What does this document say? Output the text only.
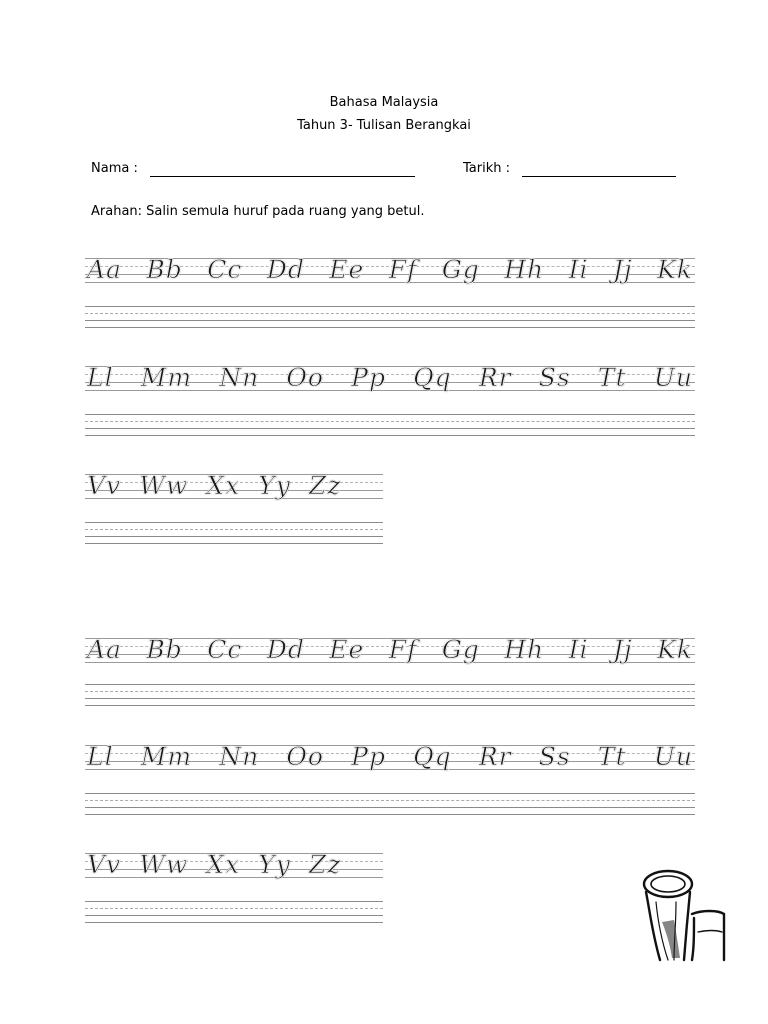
Bahasa Malaysia
Tahun 3- Tulisan Berangkai
Nama :	Tarikh :
Arahan: Salin semula huruf pada ruang yang betul.
Aa Bb Cc Dd Ee Ff Gg Hh Ii Jj Kk
Ll Mm Nn Oo Pp Qq Rr Ss Tt Uu
Vv Ww Xx Yy Zz
Aa Bb Cc Dd Ee Ff Gg Hh Ii Jj Kk
Ll Mm Nn Oo Pp Qq Rr Ss Tt Uu
Vv Ww Xx Yy Zz
